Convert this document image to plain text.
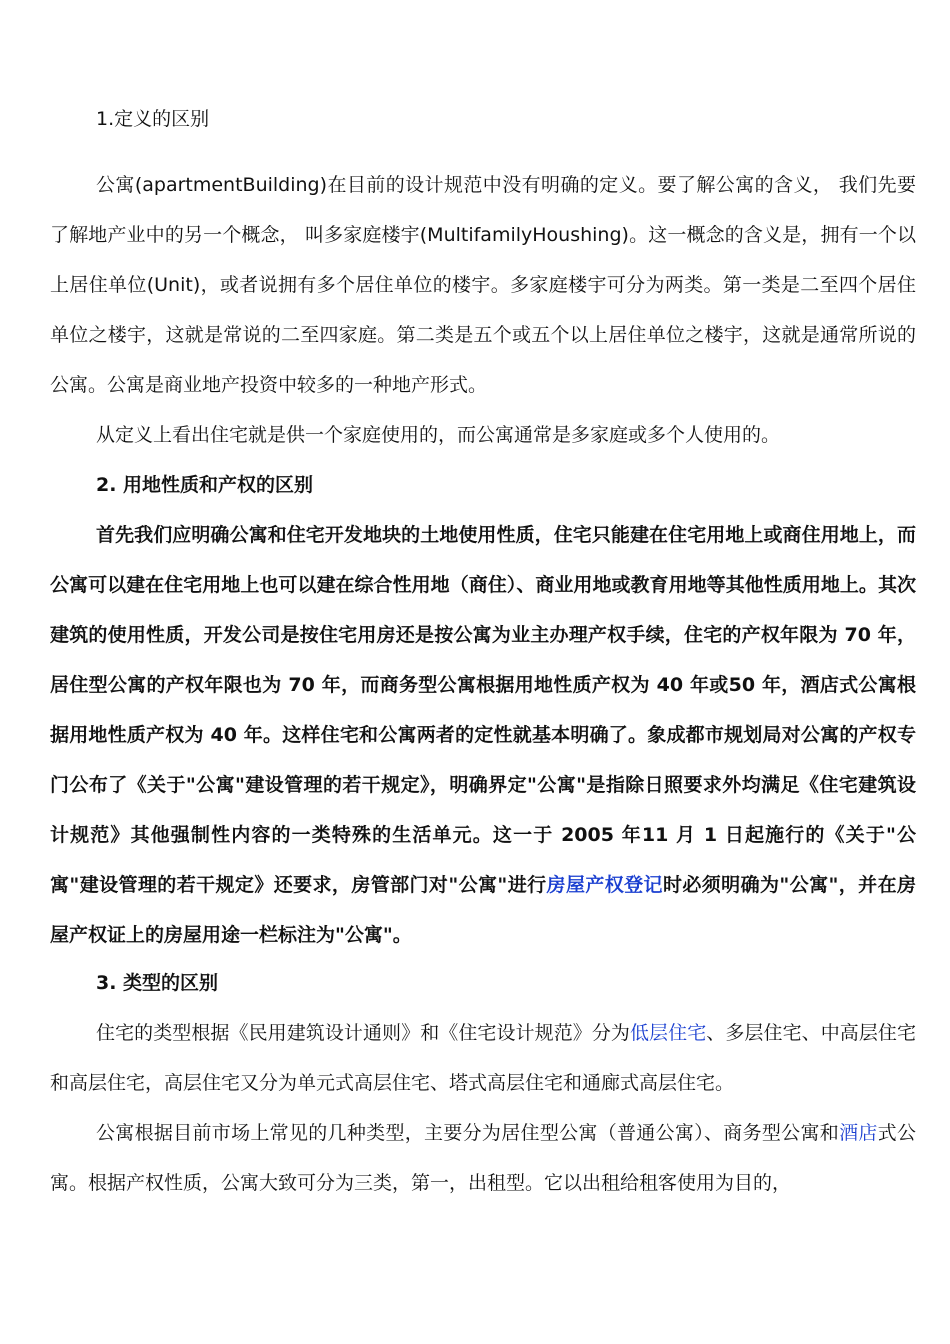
1.定义的区别

公寓(apartmentBuilding)在目前的设计规范中没有明确的定义。要了解公寓的含义， 我们先要了解地产业中的另一个概念， 叫多家庭楼宇(MultifamilyHoushing)。这一概念的含义是，拥有一个以上居住单位(Unit)，或者说拥有多个居住单位的楼宇。多家庭楼宇可分为两类。第一类是二至四个居住单位之楼宇，这就是常说的二至四家庭。第二类是五个或五个以上居住单位之楼宇，这就是通常所说的公寓。公寓是商业地产投资中较多的一种地产形式。

从定义上看出住宅就是供一个家庭使用的，而公寓通常是多家庭或多个人使用的。

2. 用地性质和产权的区别

首先我们应明确公寓和住宅开发地块的土地使用性质，住宅只能建在住宅用地上或商住用地上，而公寓可以建在住宅用地上也可以建在综合性用地（商住）、商业用地或教育用地等其他性质用地上。其次建筑的使用性质，开发公司是按住宅用房还是按公寓为业主办理产权手续，住宅的产权年限为 70 年，居住型公寓的产权年限也为 70 年，而商务型公寓根据用地性质产权为 40 年或50 年，酒店式公寓根据用地性质产权为 40 年。这样住宅和公寓两者的定性就基本明确了。象成都市规划局对公寓的产权专门公布了《关于"公寓"建设管理的若干规定》，明确界定"公寓"是指除日照要求外均满足《住宅建筑设计规范》其他强制性内容的一类特殊的生活单元。这一于 2005 年11 月 1 日起施行的《关于"公寓"建设管理的若干规定》还要求，房管部门对"公寓"进行房屋产权登记时必须明确为"公寓"，并在房屋产权证上的房屋用途一栏标注为"公寓"。

3. 类型的区别

住宅的类型根据《民用建筑设计通则》和《住宅设计规范》分为低层住宅、多层住宅、中高层住宅和高层住宅，高层住宅又分为单元式高层住宅、塔式高层住宅和通廊式高层住宅。

公寓根据目前市场上常见的几种类型，主要分为居住型公寓（普通公寓）、商务型公寓和酒店式公寓。根据产权性质，公寓大致可分为三类，第一，出租型。它以出租给租客使用为目的，
